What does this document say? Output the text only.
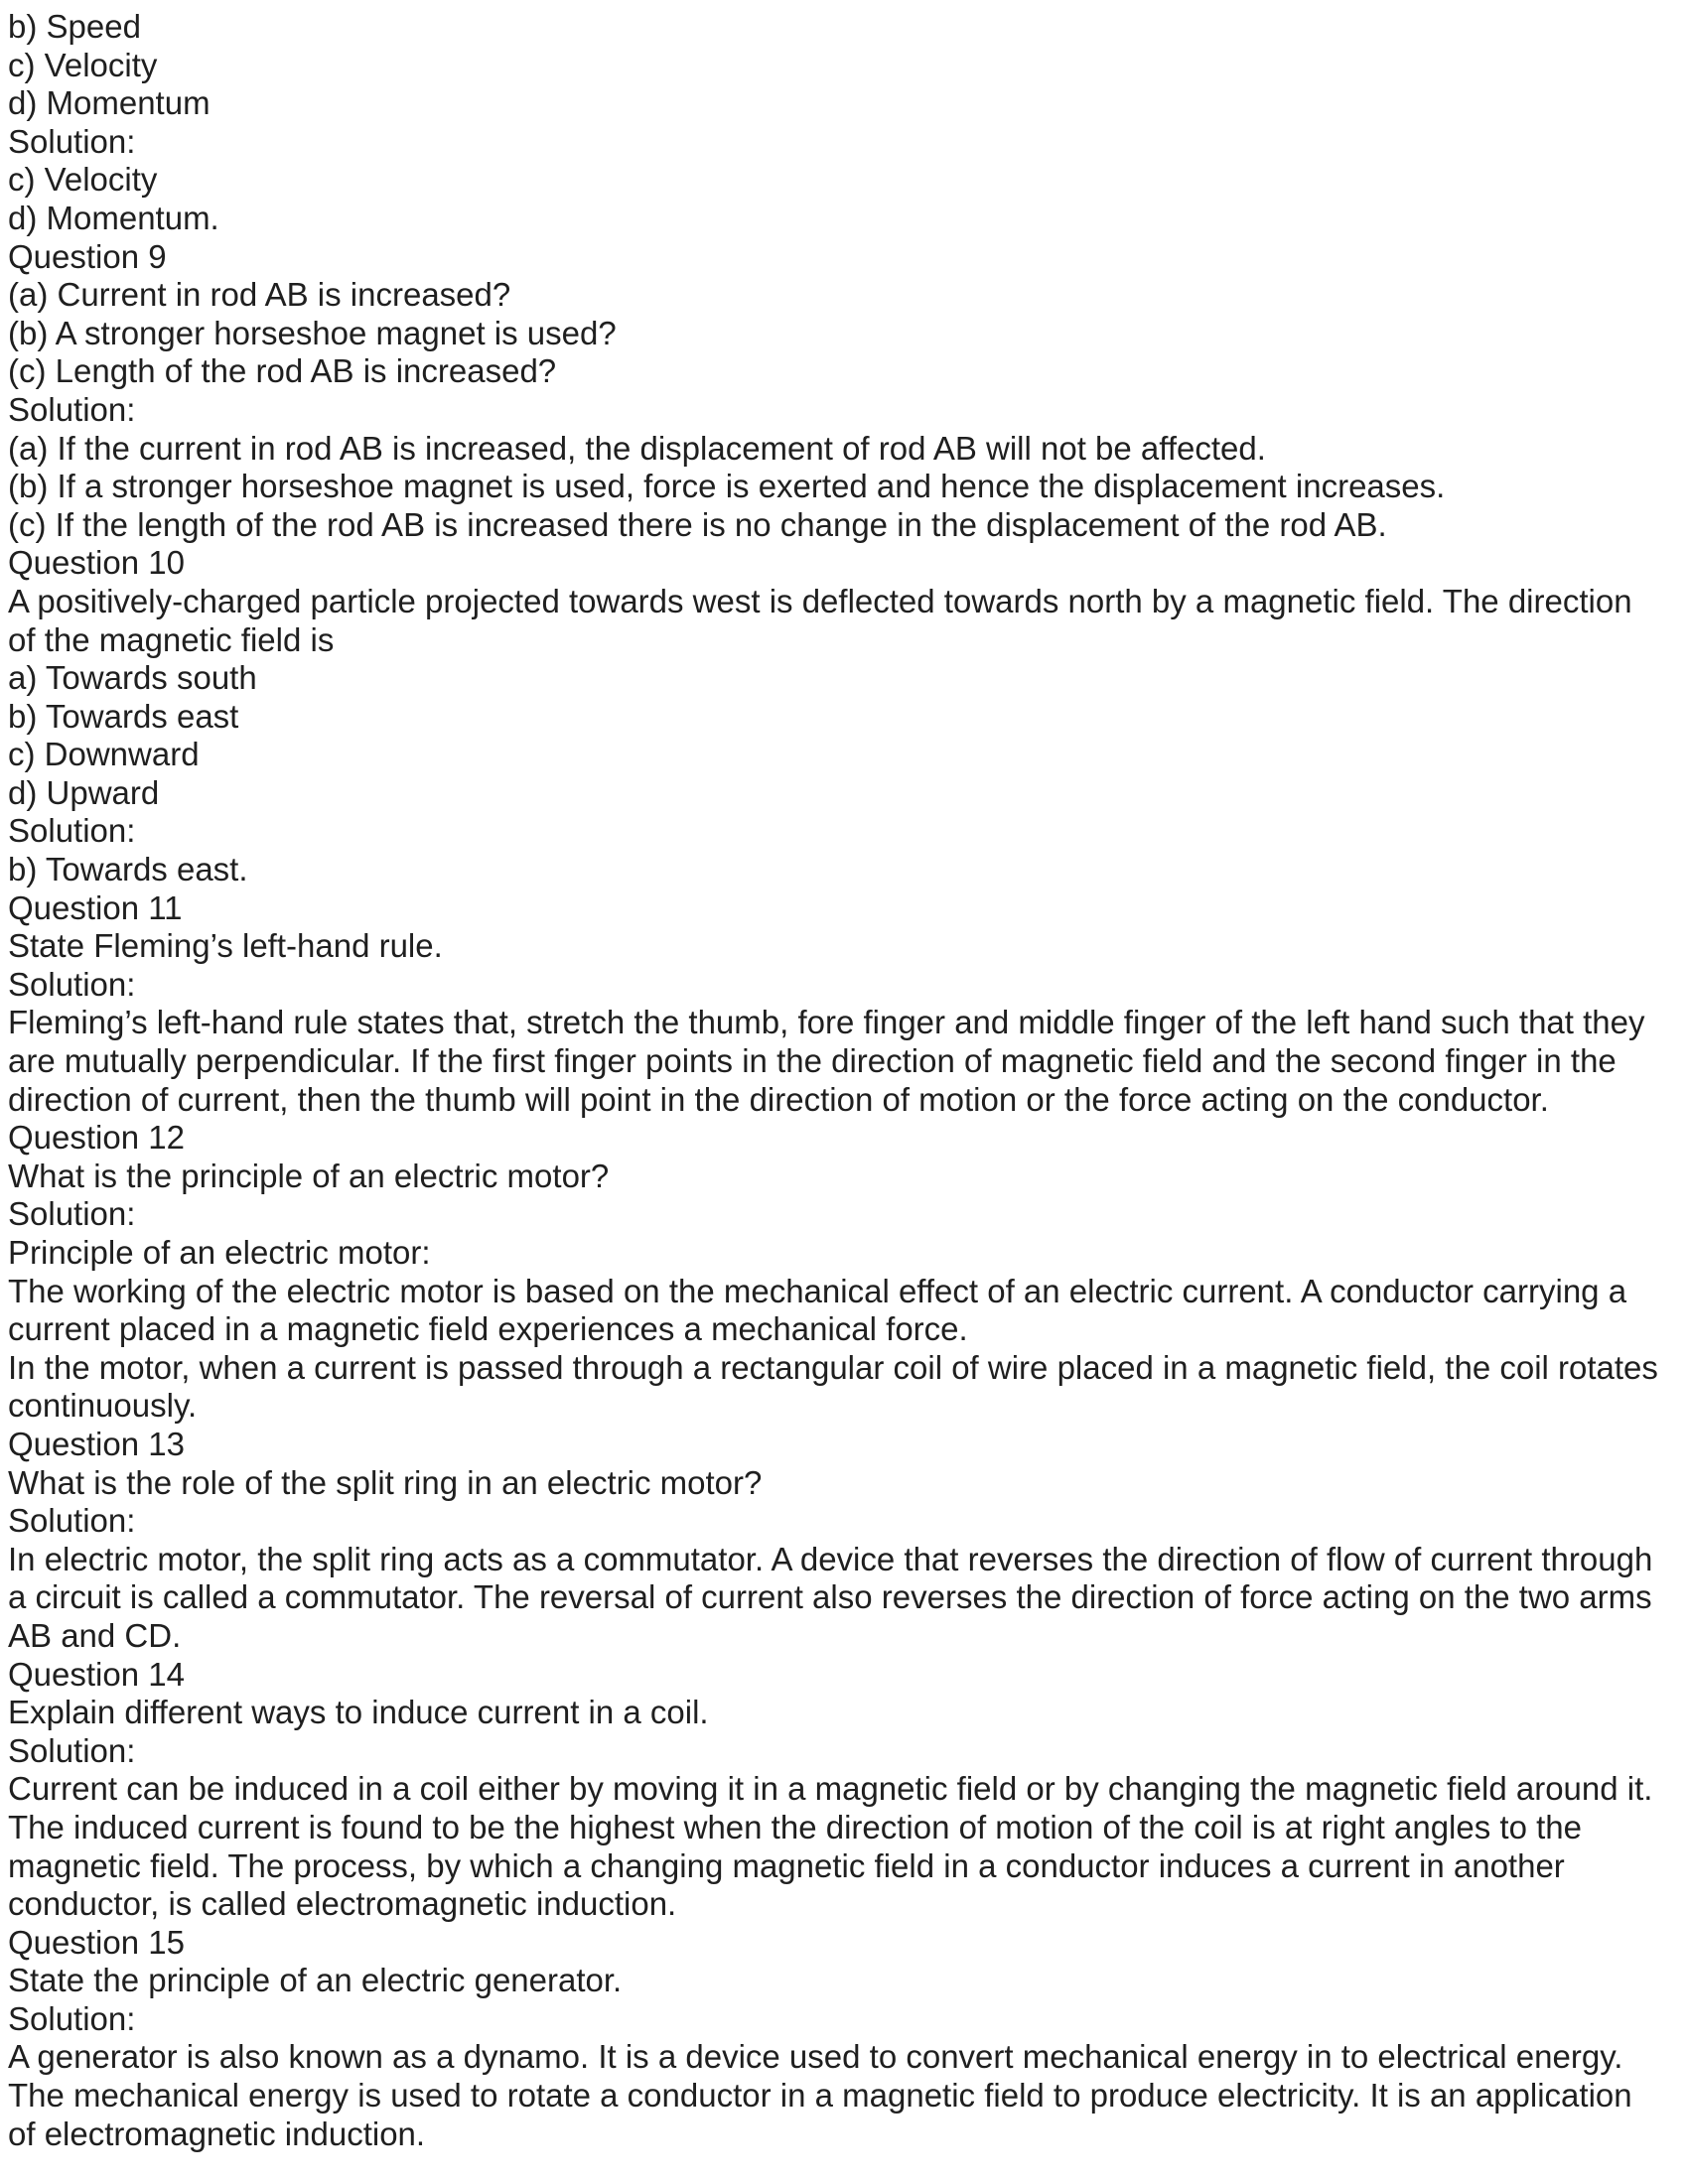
b) Speed
c) Velocity
d) Momentum
Solution:
c) Velocity
d) Momentum.
Question 9
(a) Current in rod AB is increased?
(b) A stronger horseshoe magnet is used?
(c) Length of the rod AB is increased?
Solution:
(a) If the current in rod AB is increased, the displacement of rod AB will not be affected.
(b) If a stronger horseshoe magnet is used, force is exerted and hence the displacement increases.
(c) If the length of the rod AB is increased there is no change in the displacement of the rod AB.
Question 10
A positively-charged particle projected towards west is deflected towards north by a magnetic field. The direction
of the magnetic field is
a) Towards south
b) Towards east
c) Downward
d) Upward
Solution:
b) Towards east.
Question 11
State Fleming’s left-hand rule.
Solution:
Fleming’s left-hand rule states that, stretch the thumb, fore finger and middle finger of the left hand such that they
are mutually perpendicular. If the first finger points in the direction of magnetic field and the second finger in the
direction of current, then the thumb will point in the direction of motion or the force acting on the conductor.
Question 12
What is the principle of an electric motor?
Solution:
Principle of an electric motor:
The working of the electric motor is based on the mechanical effect of an electric current. A conductor carrying a
current placed in a magnetic field experiences a mechanical force.
In the motor, when a current is passed through a rectangular coil of wire placed in a magnetic field, the coil rotates
continuously.
Question 13
What is the role of the split ring in an electric motor?
Solution:
In electric motor, the split ring acts as a commutator. A device that reverses the direction of flow of current through
a circuit is called a commutator. The reversal of current also reverses the direction of force acting on the two arms
AB and CD.
Question 14
Explain different ways to induce current in a coil.
Solution:
Current can be induced in a coil either by moving it in a magnetic field or by changing the magnetic field around it.
The induced current is found to be the highest when the direction of motion of the coil is at right angles to the
magnetic field. The process, by which a changing magnetic field in a conductor induces a current in another
conductor, is called electromagnetic induction.
Question 15
State the principle of an electric generator.
Solution:
A generator is also known as a dynamo. It is a device used to convert mechanical energy in to electrical energy.
The mechanical energy is used to rotate a conductor in a magnetic field to produce electricity. It is an application
of electromagnetic induction.
